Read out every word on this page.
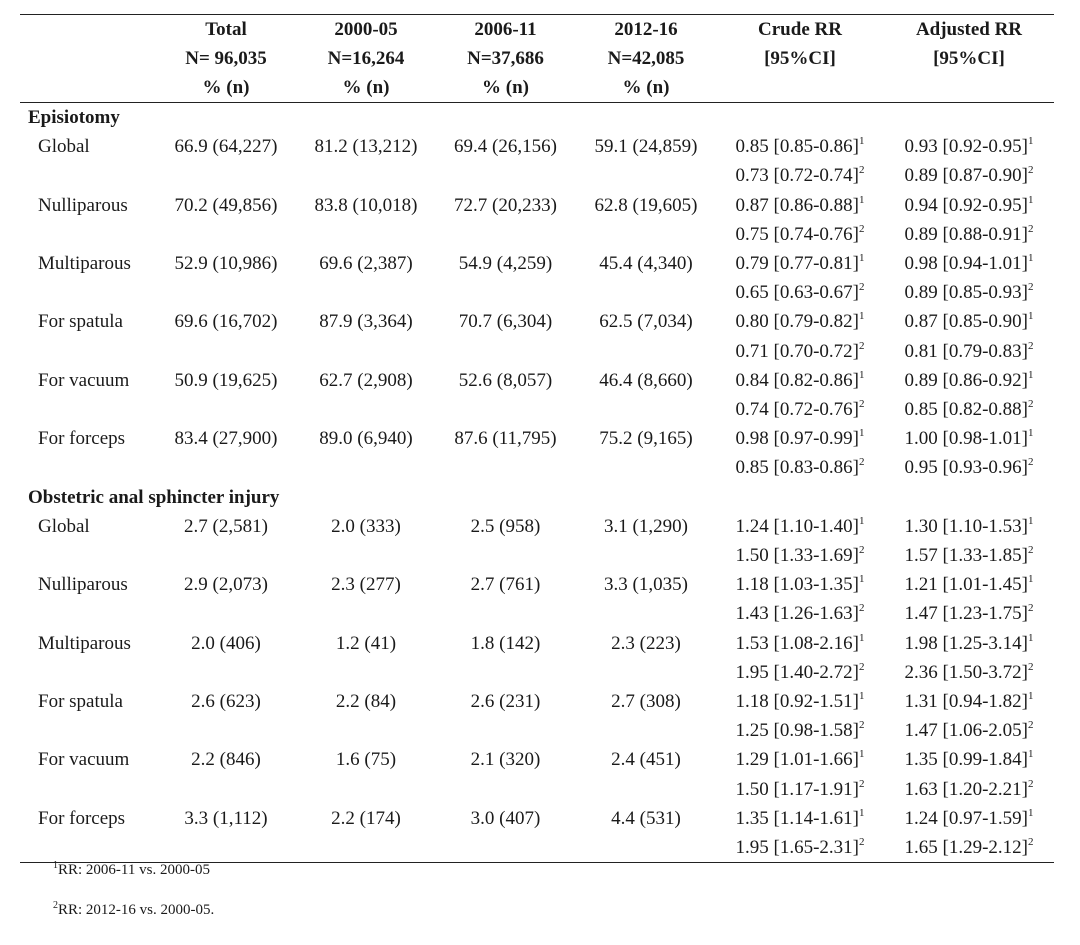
	Total	2000-05	2006-11	2012-16	Crude RR	Adjusted RR
	N= 96,035	N=16,264	N=37,686	N=42,085	[95%CI]	[95%CI]
	% (n)	% (n)	% (n)	% (n)		
Episiotomy						
Global	66.9 (64,227)	81.2 (13,212)	69.4 (26,156)	59.1 (24,859)	0.85 $[0.85-0.86]^1$	0.93 $[0.92-0.95]^1$
					0.73 $[0.72-0.74]^2$	0.89 $[0.87-0.90]^2$
Nulliparous	70.2 (49,856)	83.8 (10,018)	72.7 (20,233)	62.8 (19,605)	0.87 $[0.86-0.88]^1$	0.94 $[0.92-0.95]^1$
					0.75 $[0.74-0.76]^2$	0.89 $[0.88-0.91]^2$
Multiparous	52.9 (10,986)	69.6 (2,387)	54.9 (4,259)	45.4 (4,340)	0.79 $[0.77-0.81]^1$	0.98 $[0.94-1.01]^1$
					0.65 $[0.63-0.67]^2$	0.89 $[0.85-0.93]^2$
For spatula	69.6 (16,702)	87.9 (3,364)	70.7 (6,304)	62.5 (7,034)	0.80 $[0.79-0.82]^1$	0.87 $[0.85-0.90]^1$
					0.71 $[0.70-0.72]^2$	0.81 $[0.79-0.83]^2$
For vacuum	50.9 (19,625)	62.7 (2,908)	52.6 (8,057)	46.4 (8,660)	0.84 $[0.82-0.86]^1$	0.89 $[0.86-0.92]^1$
					0.74 $[0.72-0.76]^2$	0.85 $[0.82-0.88]^2$
For forceps	83.4 (27,900)	89.0 (6,940)	87.6 (11,795)	75.2 (9,165)	0.98 $[0.97-0.99]^1$	1.00 $[0.98-1.01]^1$
					0.85 $[0.83-0.86]^2$	0.95 $[0.93-0.96]^2$
Obstetric anal sphincter injury						
Global	2.7 (2,581)	2.0 (333)	2.5 (958)	3.1 (1,290)	1.24 $[1.10-1.40]^1$	1.30 $[1.10-1.53]^1$
					1.50 $[1.33-1.69]^2$	1.57 $[1.33-1.85]^2$
Nulliparous	2.9 (2,073)	2.3 (277)	2.7 (761)	3.3 (1,035)	1.18 $[1.03-1.35]^1$	1.21 $[1.01-1.45]^1$
					1.43 $[1.26-1.63]^2$	1.47 $[1.23-1.75]^2$
Multiparous	2.0 (406)	1.2 (41)	1.8 (142)	2.3 (223)	1.53 $[1.08-2.16]^1$	1.98 $[1.25-3.14]^1$
					1.95 $[1.40-2.72]^2$	2.36 $[1.50-3.72]^2$
For spatula	2.6 (623)	2.2 (84)	2.6 (231)	2.7 (308)	1.18 $[0.92-1.51]^1$	1.31 $[0.94-1.82]^1$
					1.25 $[0.98-1.58]^2$	1.47 $[1.06-2.05]^2$
For vacuum	2.2 (846)	1.6 (75)	2.1 (320)	2.4 (451)	1.29 $[1.01-1.66]^1$	1.35 $[0.99-1.84]^1$
					1.50 $[1.17-1.91]^2$	1.63 $[1.20-2.21]^2$
For forceps	3.3 (1,112)	2.2 (174)	3.0 (407)	4.4 (531)	1.35 $[1.14-1.61]^1$	1.24 $[0.97-1.59]^1$
					1.95 $[1.65-2.31]^2$	1.65 $[1.29-2.12]^2$
$^1$RR: 2006-11 vs. 2000-05
$^2$RR: 2012-16 vs. 2000-05.
